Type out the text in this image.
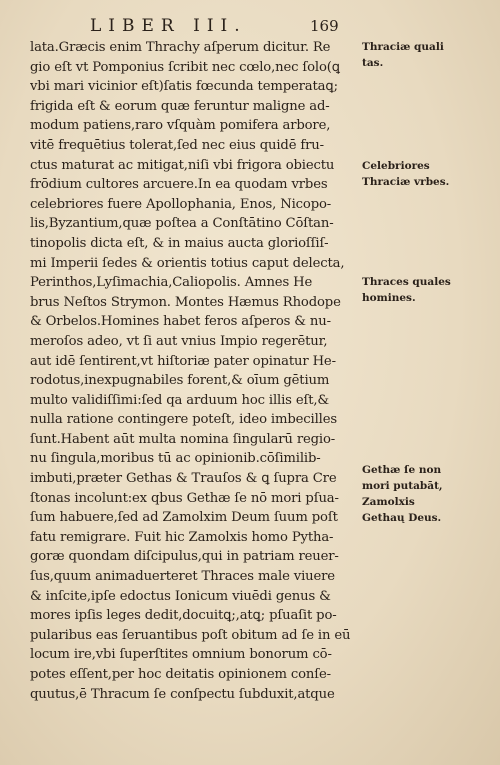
LIBER III.	169
lata.Græcis enim Thrachy aſperum dicitur. Re
gio eſt vt Pomponius ſcribit nec cœlo,nec ſolo(ꝗ
vbi mari vicinior eſt)ſatis fœcunda temperataꝗ;
frigida eſt & eorum quæ feruntur maligne ad-
modum patiens,raro vſquàm pomifera arbore,
vitē frequētius tolerat,ſed nec eius quidē fru-
ctus maturat ac mitigat,niſi vbi frigora obiectu
frōdium cultores arcuere.In ea quodam vrbes
celebriores fuere Apollophania, Enos, Nicopo-
lis,Byzantium,quæ poſtea a Conſtātino Cōſtan-
tinopolis dicta eſt, & in maius aucta glorioſſiſ-
mi Imperii ſedes & orientis totius caput delecta,
Perinthos,Lyſimachia,Caliopolis. Amnes He
brus Neſtos Strymon. Montes Hæmus Rhodope
& Orbelos.Homines habet feros aſperos & nu-
meroſos adeo, vt ſi aut vnius Impio regerētur,
aut idē ſentirent,vt hiſtoriæ pater opinatur He-
rodotus,inexpugnabiles forent,& oīum gētium
multo validiſſimi:ſed qa arduum hoc illis eſt,&
nulla ratione contingere poteſt, ideo imbecilles
ſunt.Habent aūt multa nomina ſingularū regio-
nu ſingula,moribus tū ac opinionib.cōſimilib-
imbuti,præter Gethas & Trauſos & ꝗ ſupra Cre
ſtonas incolunt:ex qbus Gethæ ſe nō mori pſua-
ſum habuere,ſed ad Zamolxim Deum ſuum poſt
fatu remigrare. Fuit hic Zamolxis homo Pytha-
goræ quondam diſcipulus,qui in patriam reuer-
ſus,quum animaduerteret Thraces male viuere
& inſcite,ipſe edoctus Ionicum viuēdi genus &
mores ipſis leges dedit,docuitꝗ;,atꝗ; pſuaſit po-
pularibus eas ſeruantibus poſt obitum ad ſe in eū
locum ire,vbi ſuperſtites omnium bonorum cō-
potes eſſent,per hoc deitatis opinionem conſe-
quutus,ē Thracum ſe conſpectu ſubduxit,atque
Thraciæ quali
tas.
Celebriores
Thraciæ vrbes.
Thraces quales
homines.
Gethæ ſe non
mori putabāt,
Zamolxis
Gethaų Deus.
